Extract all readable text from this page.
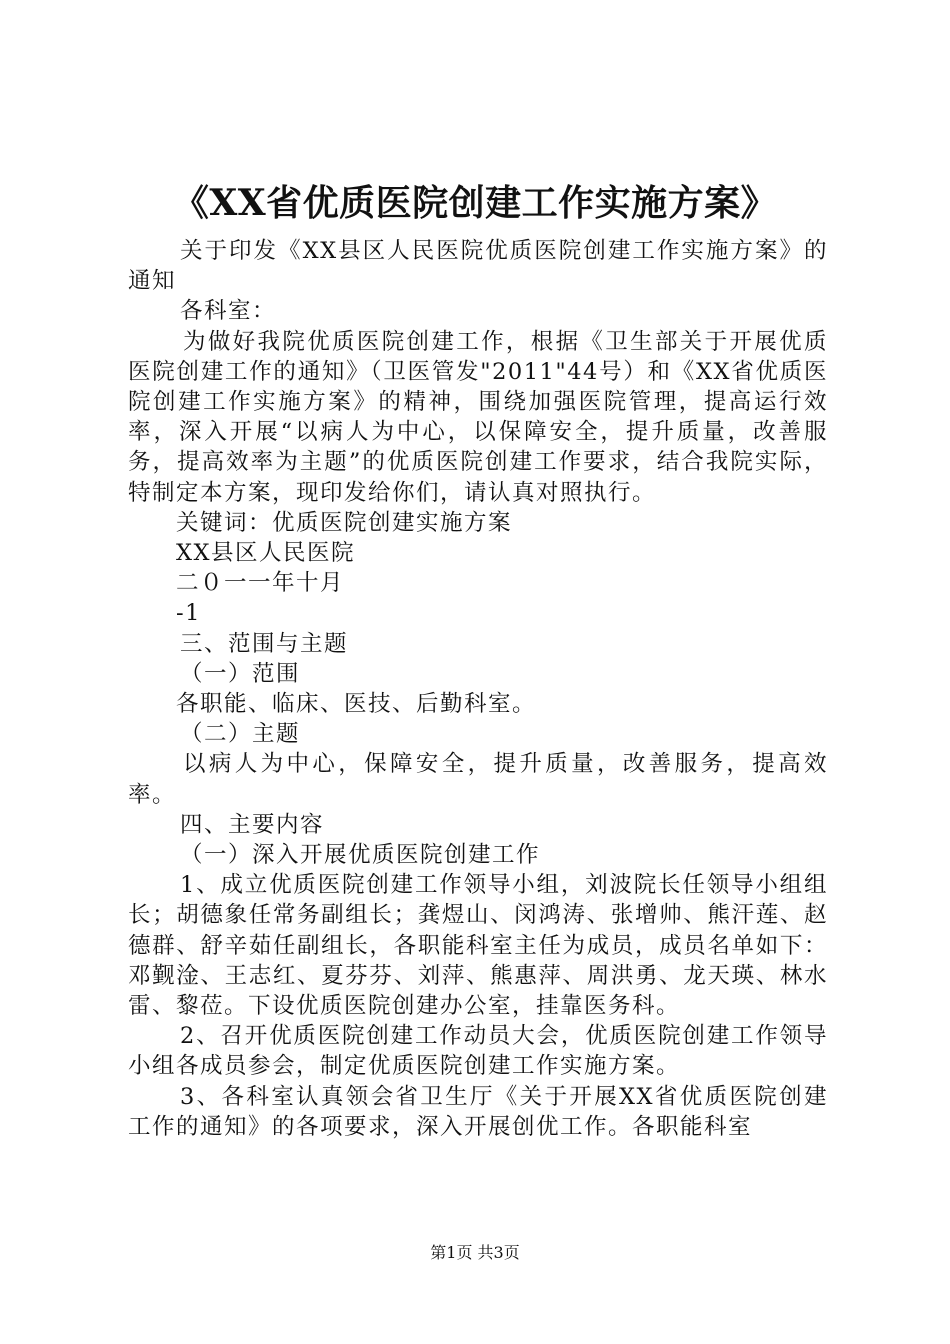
《XX省优质医院创建工作实施方案》

关于印发《XX县区人民医院优质医院创建工作实施方案》的通知

各科室：

为做好我院优质医院创建工作，根据《卫生部关于开展优质医院创建工作的通知》（卫医管发"2011"44号）和《XX省优质医院创建工作实施方案》的精神，围绕加强医院管理，提高运行效率，深入开展“以病人为中心，以保障安全，提升质量，改善服务，提高效率为主题”的优质医院创建工作要求，结合我院实际，特制定本方案，现印发给你们，请认真对照执行。

关键词：优质医院创建实施方案

XX县区人民医院

二０一一年十月

-1

三、范围与主题

（一）范围

各职能、临床、医技、后勤科室。

（二）主题

以病人为中心，保障安全，提升质量，改善服务，提高效率。

四、主要内容

（一）深入开展优质医院创建工作

1、成立优质医院创建工作领导小组，刘波院长任领导小组组长；胡德象任常务副组长；龚煜山、闵鸿涛、张增帅、熊汗莲、赵德群、舒辛茹任副组长，各职能科室主任为成员，成员名单如下：邓觐淦、王志红、夏芬芬、刘萍、熊惠萍、周洪勇、龙天瑛、林水雷、黎莅。下设优质医院创建办公室，挂靠医务科。

2、召开优质医院创建工作动员大会，优质医院创建工作领导小组各成员参会，制定优质医院创建工作实施方案。

3、各科室认真领会省卫生厅《关于开展XX省优质医院创建工作的通知》的各项要求，深入开展创优工作。各职能科室

第1页 共3页
